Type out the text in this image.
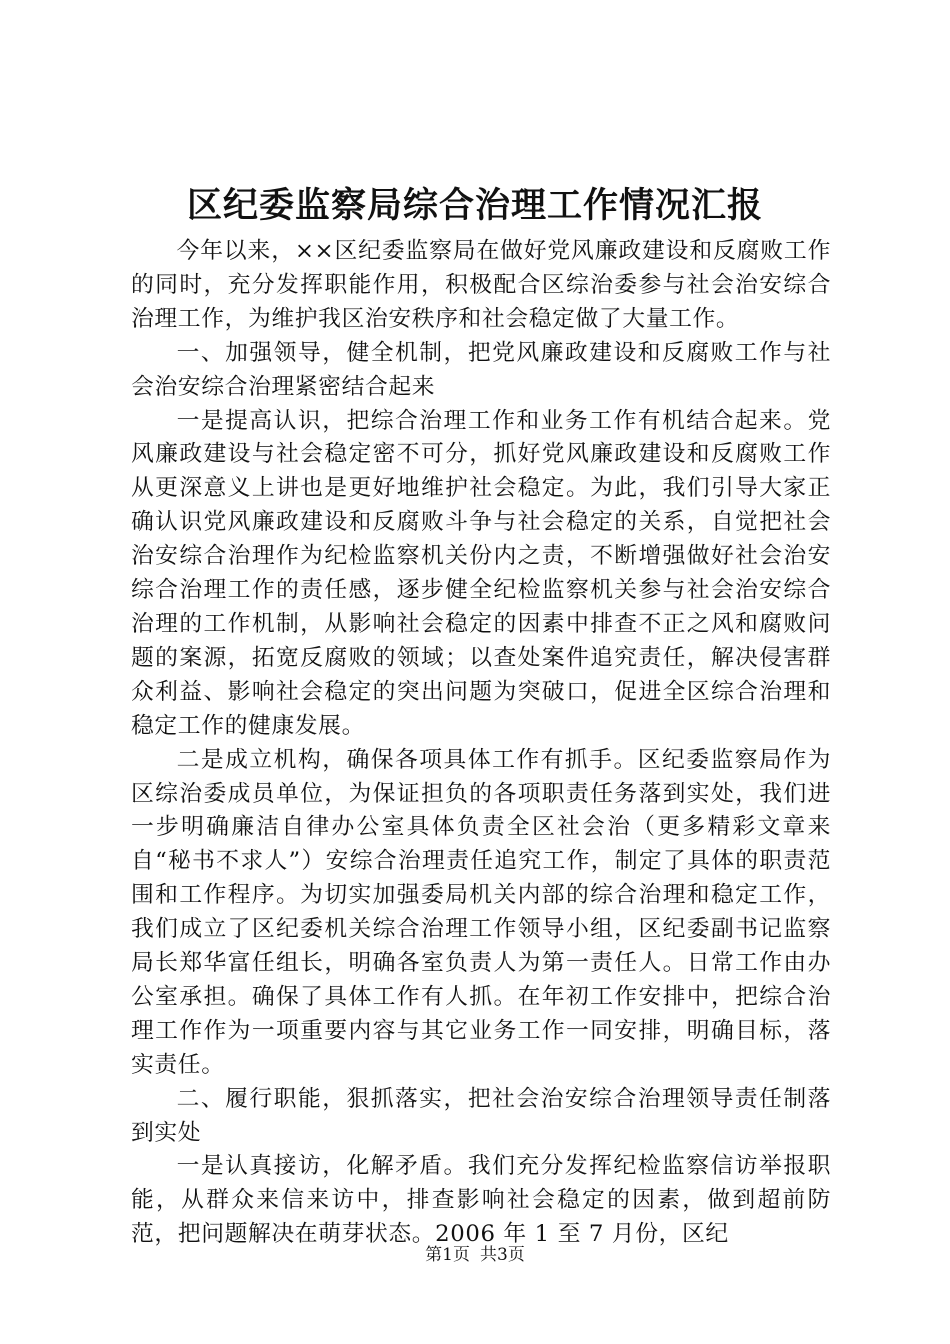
区纪委监察局综合治理工作情况汇报

今年以来，××区纪委监察局在做好党风廉政建设和反腐败工作的同时，充分发挥职能作用，积极配合区综治委参与社会治安综合治理工作，为维护我区治安秩序和社会稳定做了大量工作。

一、加强领导，健全机制，把党风廉政建设和反腐败工作与社会治安综合治理紧密结合起来

一是提高认识，把综合治理工作和业务工作有机结合起来。党风廉政建设与社会稳定密不可分，抓好党风廉政建设和反腐败工作从更深意义上讲也是更好地维护社会稳定。为此，我们引导大家正确认识党风廉政建设和反腐败斗争与社会稳定的关系，自觉把社会治安综合治理作为纪检监察机关份内之责，不断增强做好社会治安综合治理工作的责任感，逐步健全纪检监察机关参与社会治安综合治理的工作机制，从影响社会稳定的因素中排查不正之风和腐败问题的案源，拓宽反腐败的领域；以查处案件追究责任，解决侵害群众利益、影响社会稳定的突出问题为突破口，促进全区综合治理和稳定工作的健康发展。

二是成立机构，确保各项具体工作有抓手。区纪委监察局作为区综治委成员单位，为保证担负的各项职责任务落到实处，我们进一步明确廉洁自律办公室具体负责全区社会治（更多精彩文章来自“秘书不求人”）安综合治理责任追究工作，制定了具体的职责范围和工作程序。为切实加强委局机关内部的综合治理和稳定工作，我们成立了区纪委机关综合治理工作领导小组，区纪委副书记监察局长郑华富任组长，明确各室负责人为第一责任人。日常工作由办公室承担。确保了具体工作有人抓。在年初工作安排中，把综合治理工作作为一项重要内容与其它业务工作一同安排，明确目标，落实责任。

二、履行职能，狠抓落实，把社会治安综合治理领导责任制落到实处

一是认真接访，化解矛盾。我们充分发挥纪检监察信访举报职能，从群众来信来访中，排查影响社会稳定的因素，做到超前防范，把问题解决在萌芽状态。2006 年 1 至 7 月份，区纪

第1页 共3页
